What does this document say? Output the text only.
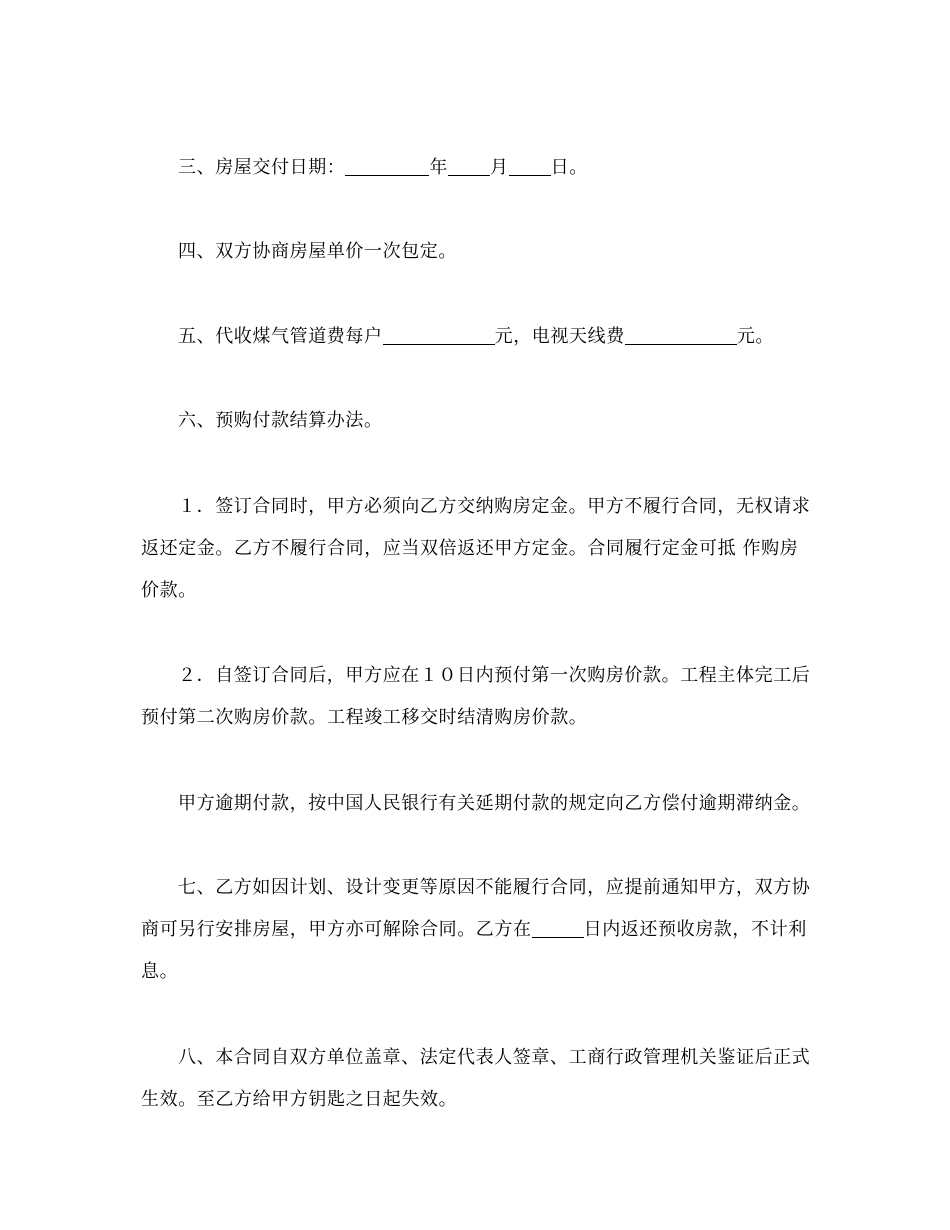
三、房屋交付日期：	年 月 日。

四、双方协商房屋单价一次包定。

五、代收煤气管道费每户	元，电视天线费	元。

六、预购付款结算办法。

１．签订合同时，甲方必须向乙方交纳购房定金。甲方不履行合同，无权请求返还定金。乙方不履行合同，应当双倍返还甲方定金。合同履行定金可抵 作购房价款。

２．自签订合同后，甲方应在１０日内预付第一次购房价款。工程主体完工后预付第二次购房价款。工程竣工移交时结清购房价款。

甲方逾期付款，按中国人民银行有关延期付款的规定向乙方偿付逾期滞纳金。

七、乙方如因计划、设计变更等原因不能履行合同，应提前通知甲方，双方协商可另行安排房屋，甲方亦可解除合同。乙方在	日内返还预收房款，不计利息。

八、本合同自双方单位盖章、法定代表人签章、工商行政管理机关鉴证后正式生效。至乙方给甲方钥匙之日起失效。
